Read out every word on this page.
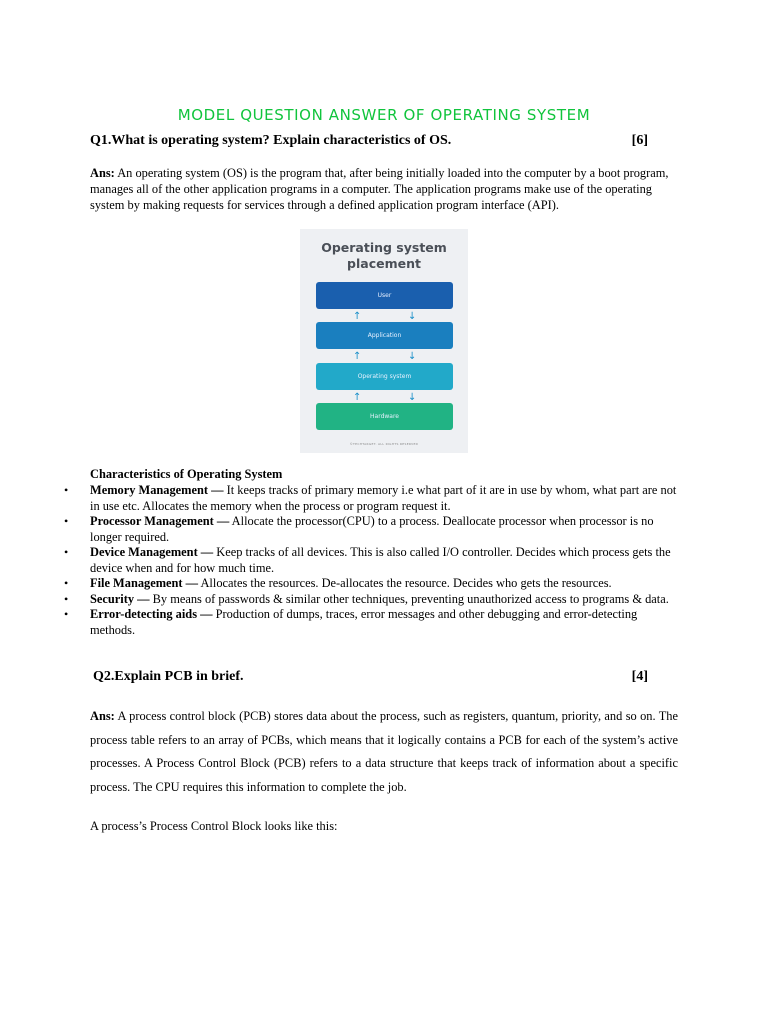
MODEL QUESTION ANSWER OF OPERATING SYSTEM
Q1.What is operating system? Explain characteristics of OS.	[6]
Ans: An operating system (OS) is the program that, after being initially loaded into the computer by a boot program, manages all of the other application programs in a computer. The application programs make use of the operating system by making requests for services through a defined application program interface (API).
Operating system placement
User
↑	↓
Application
↑	↓
Operating system
↑	↓
Hardware
©TECHTARGET. ALL RIGHTS RESERVED
Characteristics of Operating System
• Memory Management — It keeps tracks of primary memory i.e what part of it are in use by whom, what part are not in use etc. Allocates the memory when the process or program request it.
• Processor Management — Allocate the processor(CPU) to a process. Deallocate processor when processor is no longer required.
• Device Management — Keep tracks of all devices. This is also called I/O controller. Decides which process gets the device when and for how much time.
• File Management — Allocates the resources. De-allocates the resource. Decides who gets the resources.
• Security — By means of passwords & similar other techniques, preventing unauthorized access to programs & data.
• Error-detecting aids — Production of dumps, traces, error messages and other debugging and error-detecting methods.
Q2.Explain PCB in brief.	[4]
Ans: A process control block (PCB) stores data about the process, such as registers, quantum, priority, and so on. The process table refers to an array of PCBs, which means that it logically contains a PCB for each of the system’s active processes. A Process Control Block (PCB) refers to a data structure that keeps track of information about a specific process. The CPU requires this information to complete the job.
A process’s Process Control Block looks like this:
